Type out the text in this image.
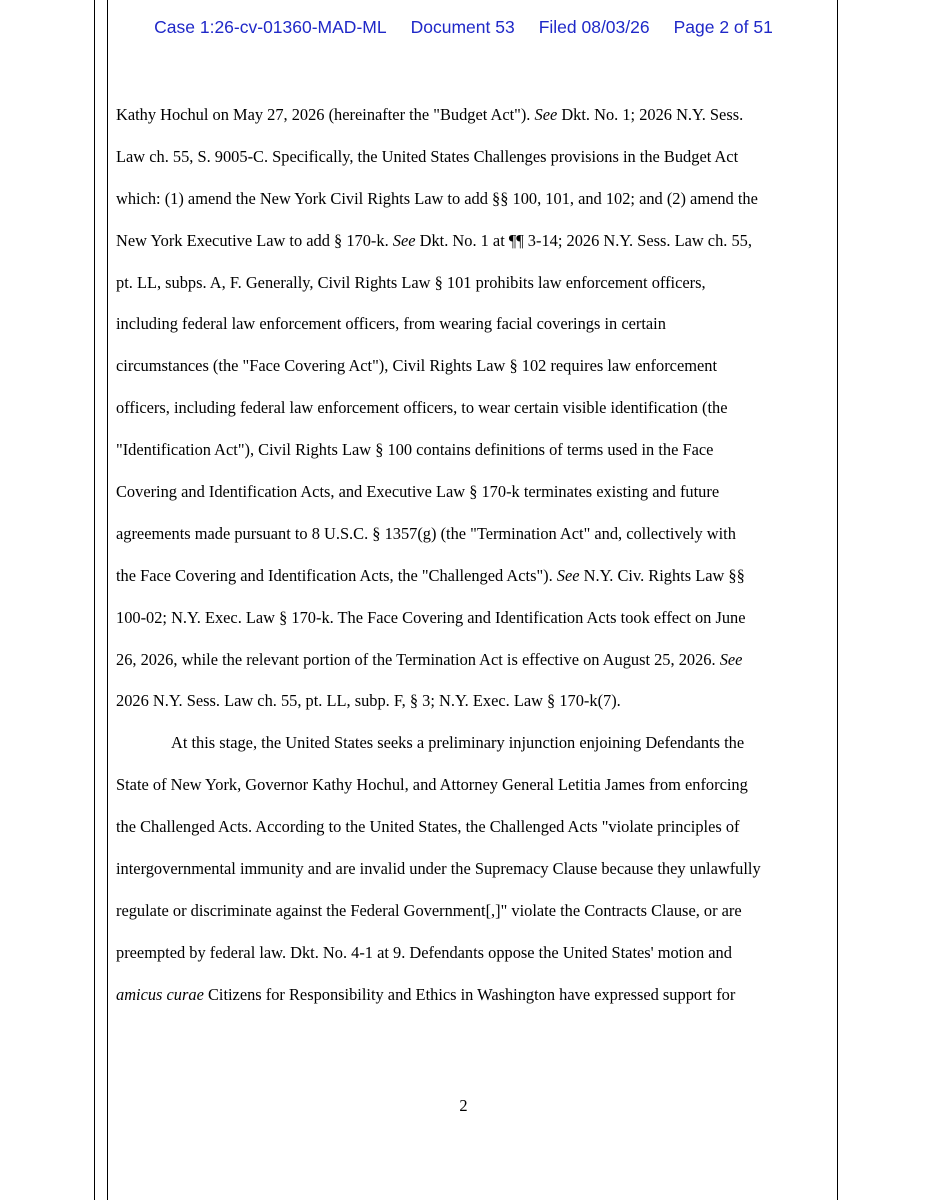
Case 1:26-cv-01360-MAD-ML Document 53 Filed 08/03/26 Page 2 of 51
Kathy Hochul on May 27, 2026 (hereinafter the "Budget Act"). See Dkt. No. 1; 2026 N.Y. Sess.
Law ch. 55, S. 9005-C. Specifically, the United States Challenges provisions in the Budget Act
which: (1) amend the New York Civil Rights Law to add §§ 100, 101, and 102; and (2) amend the
New York Executive Law to add § 170-k. See Dkt. No. 1 at ¶¶ 3-14; 2026 N.Y. Sess. Law ch. 55,
pt. LL, subps. A, F. Generally, Civil Rights Law § 101 prohibits law enforcement officers,
including federal law enforcement officers, from wearing facial coverings in certain
circumstances (the "Face Covering Act"), Civil Rights Law § 102 requires law enforcement
officers, including federal law enforcement officers, to wear certain visible identification (the
"Identification Act"), Civil Rights Law § 100 contains definitions of terms used in the Face
Covering and Identification Acts, and Executive Law § 170-k terminates existing and future
agreements made pursuant to 8 U.S.C. § 1357(g) (the "Termination Act" and, collectively with
the Face Covering and Identification Acts, the "Challenged Acts"). See N.Y. Civ. Rights Law §§
100-02; N.Y. Exec. Law § 170-k. The Face Covering and Identification Acts took effect on June
26, 2026, while the relevant portion of the Termination Act is effective on August 25, 2026. See
2026 N.Y. Sess. Law ch. 55, pt. LL, subp. F, § 3; N.Y. Exec. Law § 170-k(7).
At this stage, the United States seeks a preliminary injunction enjoining Defendants the
State of New York, Governor Kathy Hochul, and Attorney General Letitia James from enforcing
the Challenged Acts. According to the United States, the Challenged Acts "violate principles of
intergovernmental immunity and are invalid under the Supremacy Clause because they unlawfully
regulate or discriminate against the Federal Government[,]" violate the Contracts Clause, or are
preempted by federal law. Dkt. No. 4-1 at 9. Defendants oppose the United States' motion and
amicus curae Citizens for Responsibility and Ethics in Washington have expressed support for
2
